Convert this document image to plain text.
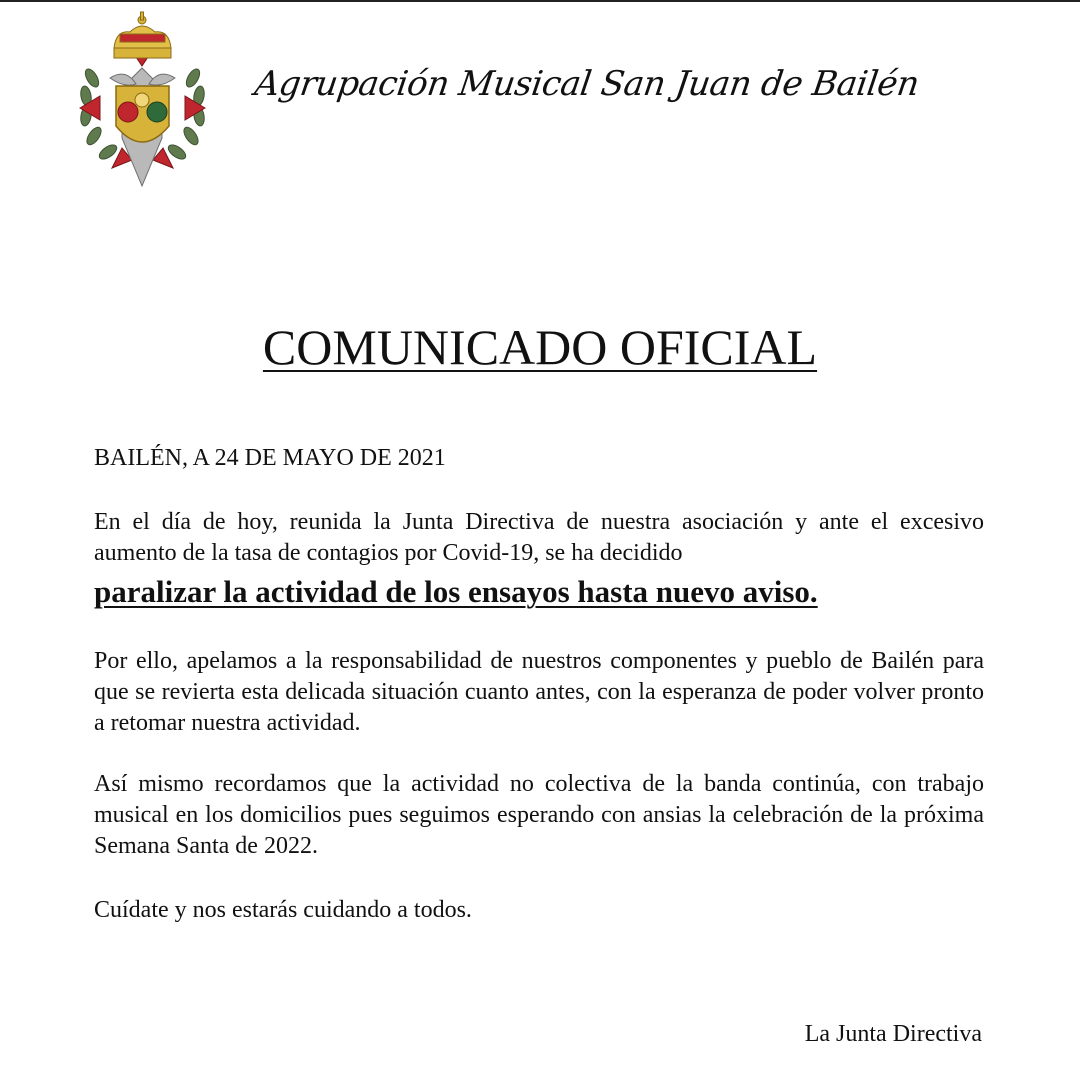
Agrupación Musical San Juan de Bailén
COMUNICADO OFICIAL
BAILÉN, A 24 DE MAYO DE 2021
En el día de hoy, reunida la Junta Directiva de nuestra asociación y ante el excesivo aumento de la tasa de contagios por Covid-19, se ha decidido
paralizar la actividad de los ensayos hasta nuevo aviso.
Por ello, apelamos a la responsabilidad de nuestros componentes y pueblo de Bailén para que se revierta esta delicada situación cuanto antes, con la esperanza de poder volver pronto a retomar nuestra actividad.
Así mismo recordamos que la actividad no colectiva de la banda continúa, con trabajo musical en los domicilios pues seguimos esperando con ansias la celebración de la próxima Semana Santa de 2022.
Cuídate y nos estarás cuidando a todos.
La Junta Directiva
